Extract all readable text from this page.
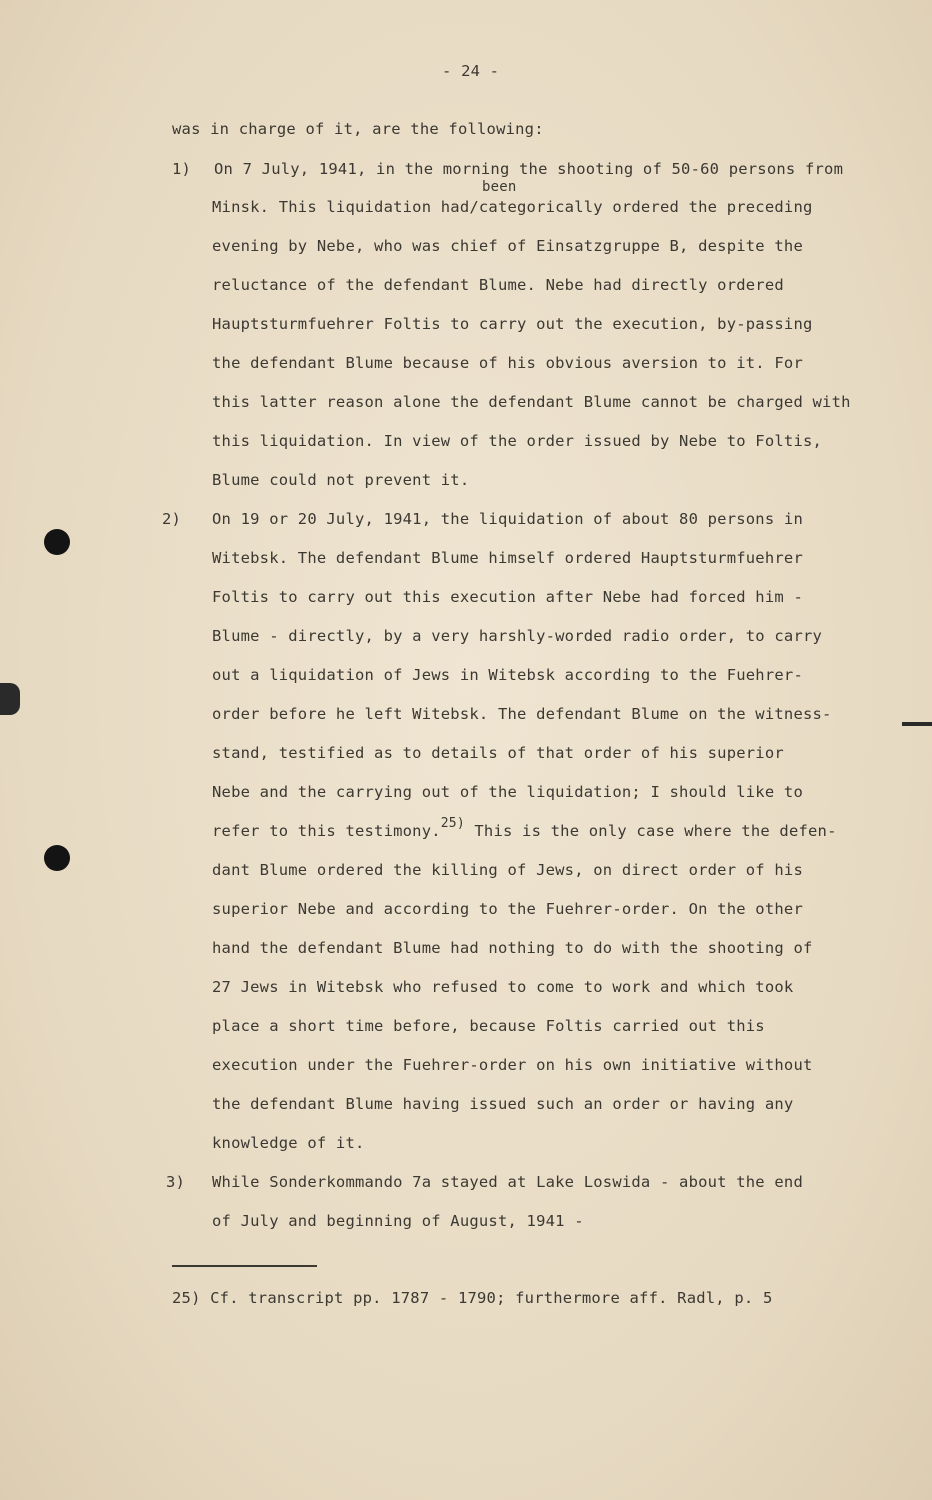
- 24 -
was in charge of it, are the following:
1) On 7 July, 1941, in the morning the shooting of 50-60 persons from
been
Minsk. This liquidation had/categorically ordered the preceding
evening by Nebe, who was chief of Einsatzgruppe B, despite the
reluctance of the defendant Blume. Nebe had directly ordered
Hauptsturmfuehrer Foltis to carry out the execution, by-passing
the defendant Blume because of his obvious aversion to it. For
this latter reason alone the defendant Blume cannot be charged with
this liquidation. In view of the order issued by Nebe to Foltis,
Blume could not prevent it.
2) On 19 or 20 July, 1941, the liquidation of about 80 persons in
Witebsk. The defendant Blume himself ordered Hauptsturmfuehrer
Foltis to carry out this execution after Nebe had forced him -
Blume - directly, by a very harshly-worded radio order, to carry
out a liquidation of Jews in Witebsk according to the Fuehrer-
order before he left Witebsk. The defendant Blume on the witness-
stand, testified as to details of that order of his superior
Nebe and the carrying out of the liquidation; I should like to
refer to this testimony.$^{25)}$ This is the only case where the defen-
dant Blume ordered the killing of Jews, on direct order of his
superior Nebe and according to the Fuehrer-order. On the other
hand the defendant Blume had nothing to do with the shooting of
27 Jews in Witebsk who refused to come to work and which took
place a short time before, because Foltis carried out this
execution under the Fuehrer-order on his own initiative without
the defendant Blume having issued such an order or having any
knowledge of it.
3) While Sonderkommando 7a stayed at Lake Loswida - about the end
of July and beginning of August, 1941 -
25) Cf. transcript pp. 1787 - 1790; furthermore aff. Radl, p. 5
